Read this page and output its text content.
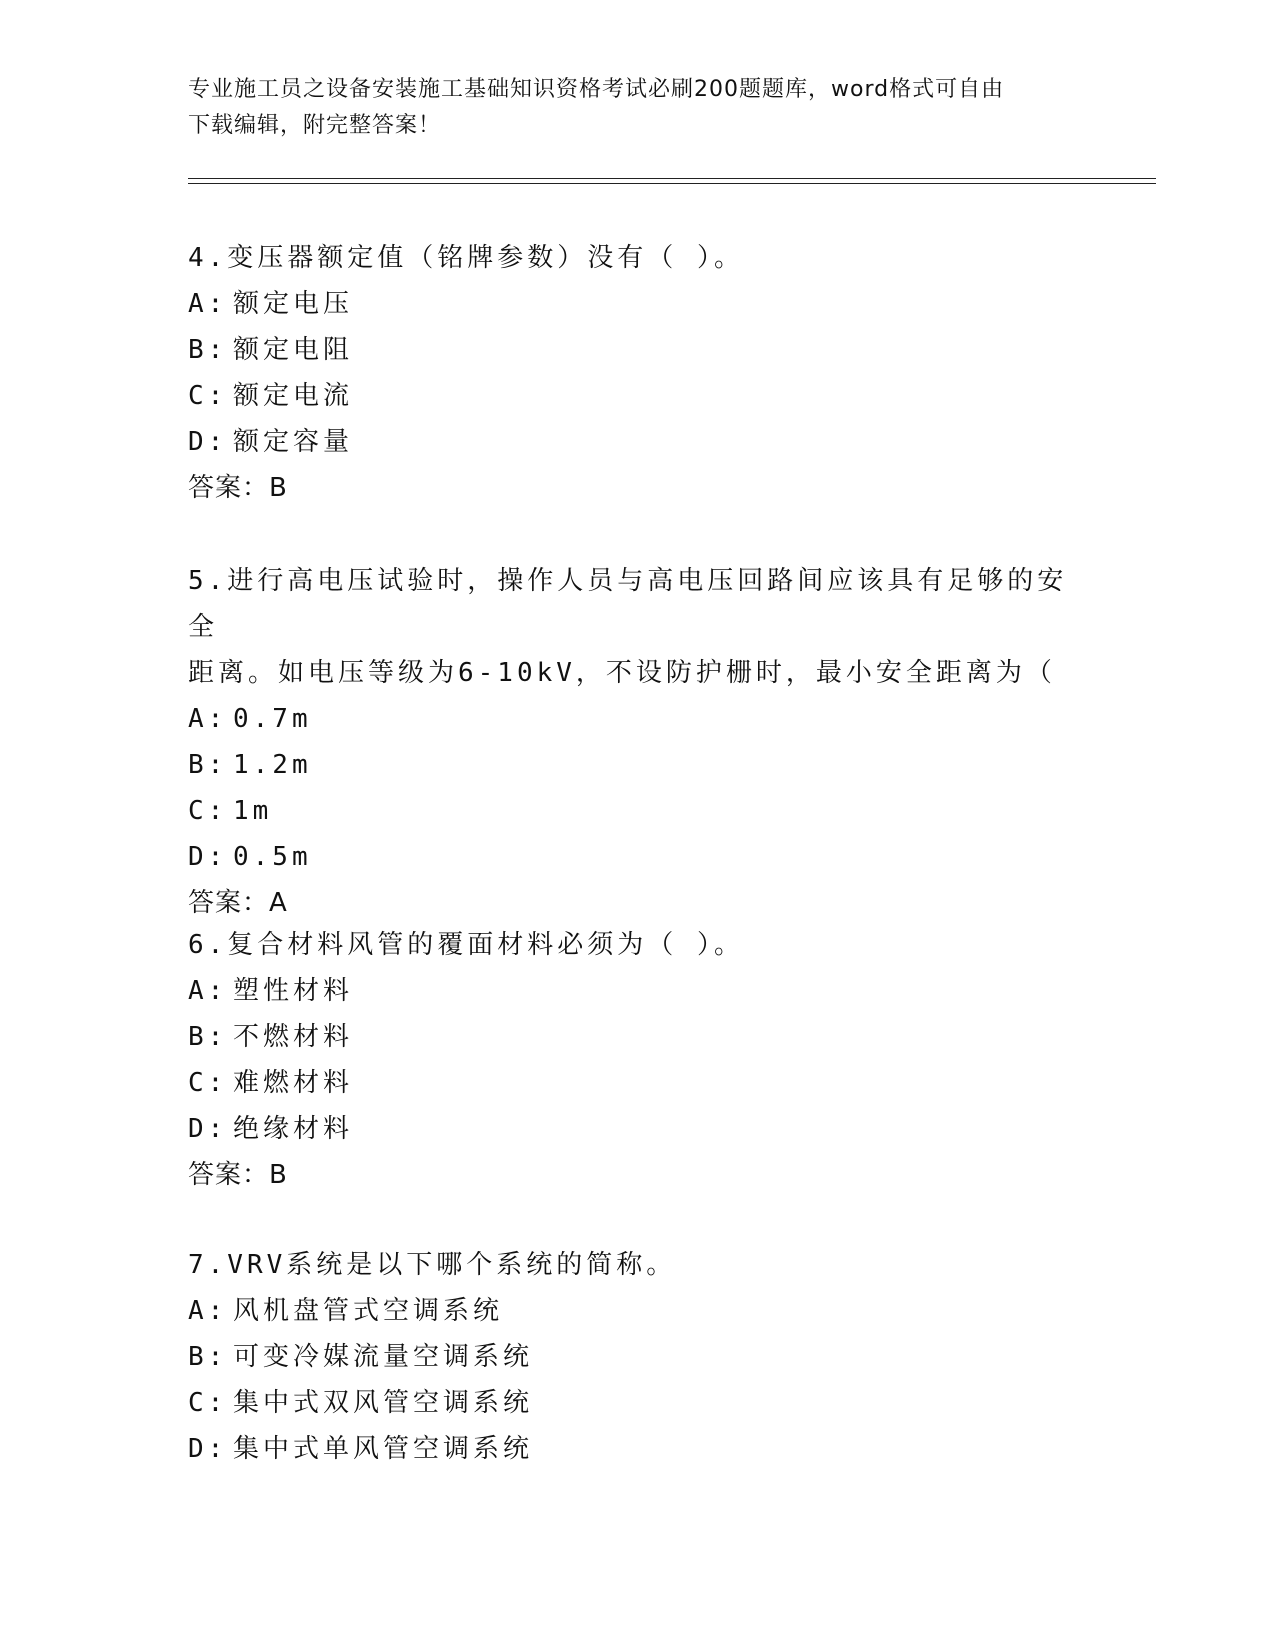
专业施工员之设备安装施工基础知识资格考试必刷200题题库，word格式可自由
下载编辑，附完整答案！
4.变压器额定值（铭牌参数）没有（ ）。
A: 额定电压
B: 额定电阻
C: 额定电流
D: 额定容量
答案：B
5.进行高电压试验时，操作人员与高电压回路间应该具有足够的安全
距离。如电压等级为6-10kV，不设防护栅时，最小安全距离为（
A: 0.7m
B: 1.2m
C: 1m
D: 0.5m
答案：A
6.复合材料风管的覆面材料必须为（ ）。
A: 塑性材料
B: 不燃材料
C: 难燃材料
D: 绝缘材料
答案：B
7.VRV系统是以下哪个系统的简称。
A: 风机盘管式空调系统
B: 可变冷媒流量空调系统
C: 集中式双风管空调系统
D: 集中式单风管空调系统
